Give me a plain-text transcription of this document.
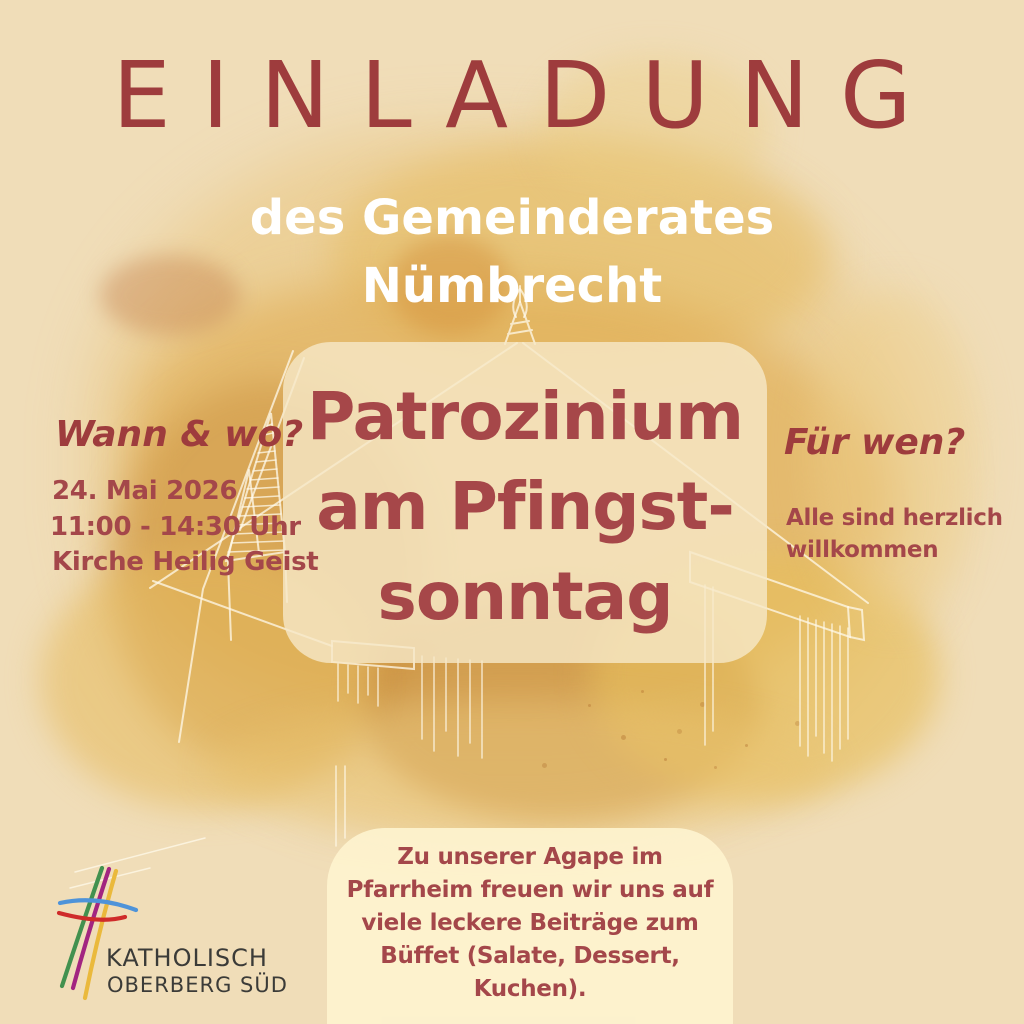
EINLADUNG
des Gemeinderates
Nümbrecht
Patrozinium
am Pfingst-
sonntag
Wann & wo?
24. Mai 2026
11:00 - 14:30 Uhr
Kirche Heilig Geist
Für wen?
Alle sind herzlich
willkommen
Zu unserer Agape im
Pfarrheim freuen wir uns auf
viele leckere Beiträge zum
Büffet (Salate, Dessert,
Kuchen).
KATHOLISCH
OBERBERG SÜD
